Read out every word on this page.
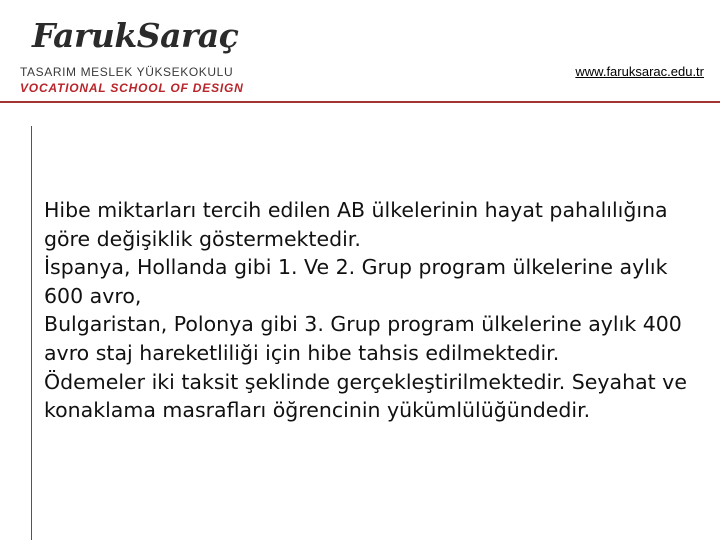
FarukSaraç
TASARIM MESLEK YÜKSEKOKULU
VOCATIONAL SCHOOL OF DESIGN
www.faruksarac.edu.tr
Hibe miktarları tercih edilen AB ülkelerinin hayat pahalılığına
göre değişiklik göstermektedir.
İspanya, Hollanda gibi 1. Ve 2. Grup program ülkelerine aylık
600 avro,
Bulgaristan, Polonya gibi 3. Grup program ülkelerine aylık 400
avro staj hareketliliği için hibe tahsis edilmektedir.
Ödemeler iki taksit şeklinde gerçekleştirilmektedir. Seyahat ve
konaklama masrafları öğrencinin yükümlülüğündedir.
